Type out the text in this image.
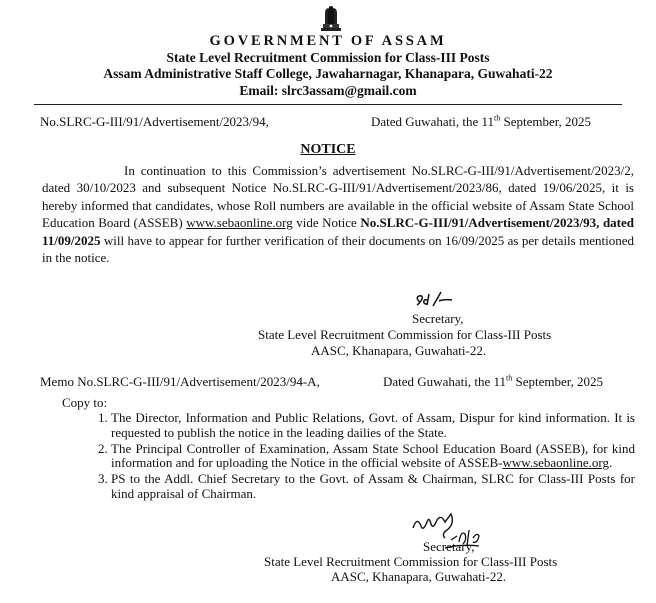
GOVERNMENT OF ASSAM
State Level Recruitment Commission for Class-III Posts
Assam Administrative Staff College, Jawaharnagar, Khanapara, Guwahati-22
Email: slrc3assam@gmail.com
No.SLRC-G-III/91/Advertisement/2023/94,	Dated Guwahati, the 11th September, 2025
NOTICE

In continuation to this Commission’s advertisement No.SLRC-G-III/91/Advertisement/2023/2, dated 30/10/2023 and subsequent Notice No.SLRC-G-III/91/Advertisement/2023/86, dated 19/06/2025, it is hereby informed that candidates, whose Roll numbers are available in the official website of Assam State School Education Board (ASSEB) www.sebaonline.org vide Notice No.SLRC-G-III/91/Advertisement/2023/93, dated 11/09/2025 will have to appear for further verification of their documents on 16/09/2025 as per details mentioned in the notice.

Secretary,
State Level Recruitment Commission for Class-III Posts
AASC, Khanapara, Guwahati-22.
Memo No.SLRC-G-III/91/Advertisement/2023/94-A,	Dated Guwahati, the 11th September, 2025
Copy to:
1. The Director, Information and Public Relations, Govt. of Assam, Dispur for kind information. It is requested to publish the notice in the leading dailies of the State.
2. The Principal Controller of Examination, Assam State School Education Board (ASSEB), for kind information and for uploading the Notice in the official website of ASSEB-www.sebaonline.org.
3. PS to the Addl. Chief Secretary to the Govt. of Assam & Chairman, SLRC for Class-III Posts for kind appraisal of Chairman.
Secretary,
State Level Recruitment Commission for Class-III Posts
AASC, Khanapara, Guwahati-22.
